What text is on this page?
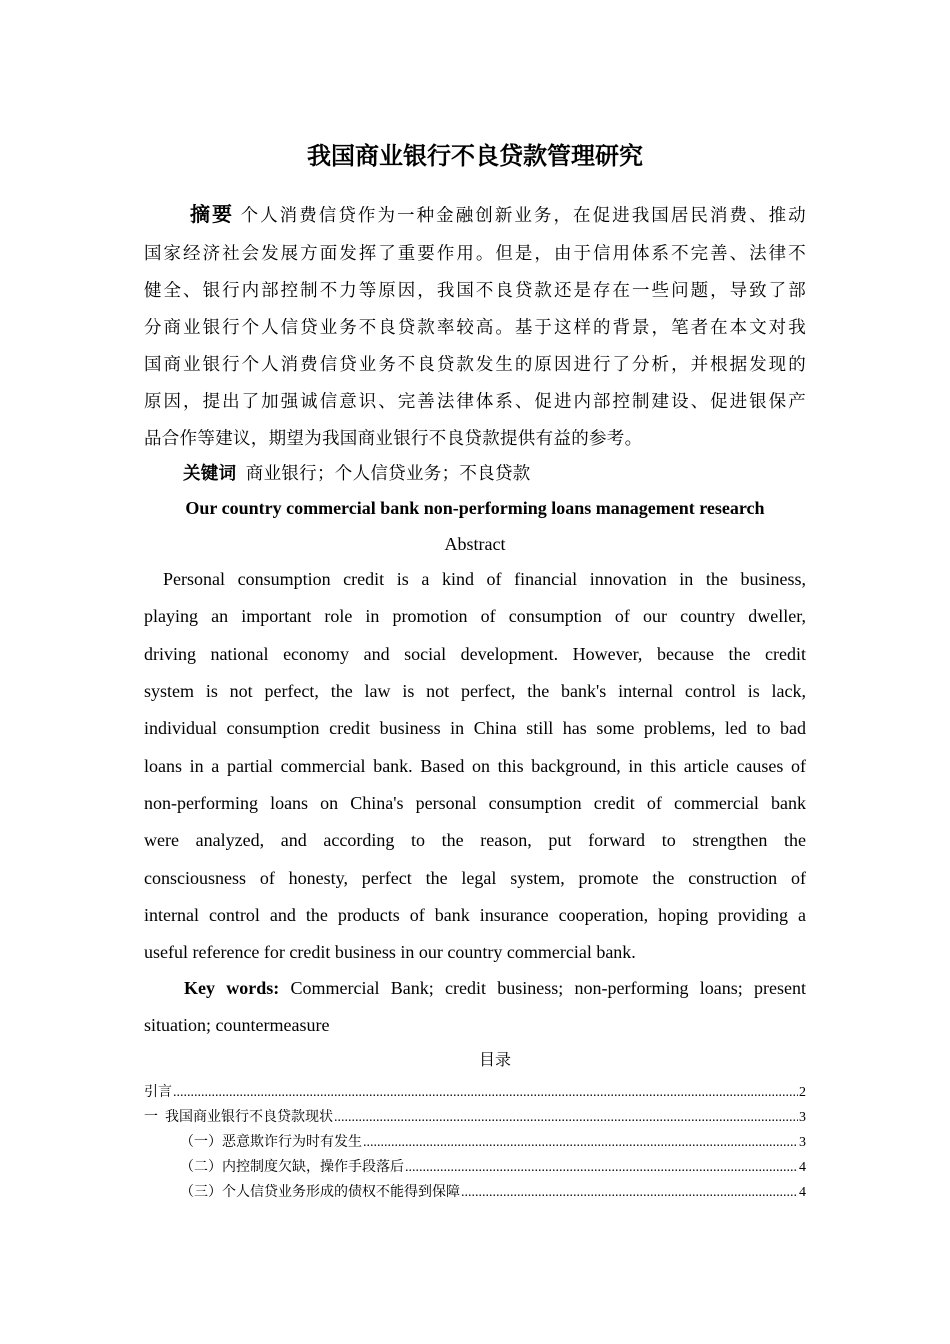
我国商业银行不良贷款管理研究
摘要 个人消费信贷作为一种金融创新业务，在促进我国居民消费、推动
国家经济社会发展方面发挥了重要作用。但是，由于信用体系不完善、法律不
健全、银行内部控制不力等原因，我国不良贷款还是存在一些问题，导致了部
分商业银行个人信贷业务不良贷款率较高。基于这样的背景，笔者在本文对我
国商业银行个人消费信贷业务不良贷款发生的原因进行了分析，并根据发现的
原因，提出了加强诚信意识、完善法律体系、促进内部控制建设、促进银保产
品合作等建议，期望为我国商业银行不良贷款提供有益的参考。
关键词 商业银行；个人信贷业务；不良贷款
Our country commercial bank non-performing loans management research
Abstract
Personal consumption credit is a kind of financial innovation in the business,
playing an important role in promotion of consumption of our country dweller,
driving national economy and social development. However, because the credit
system is not perfect, the law is not perfect, the bank's internal control is lack,
individual consumption credit business in China still has some problems, led to bad
loans in a partial commercial bank. Based on this background, in this article causes of
non-performing loans on China's personal consumption credit of commercial bank
were analyzed, and according to the reason, put forward to strengthen the
consciousness of honesty, perfect the legal system, promote the construction of
internal control and the products of bank insurance cooperation, hoping providing a
useful reference for credit business in our country commercial bank.
Key words: Commercial Bank; credit business; non-performing loans; present
situation; countermeasure
目录
引言 .....	2
一  我国商业银行不良贷款现状 .....	3
（一）恶意欺诈行为时有发生 .....	3
（二）内控制度欠缺，操作手段落后 .....	4
（三）个人信贷业务形成的债权不能得到保障 .....	4
